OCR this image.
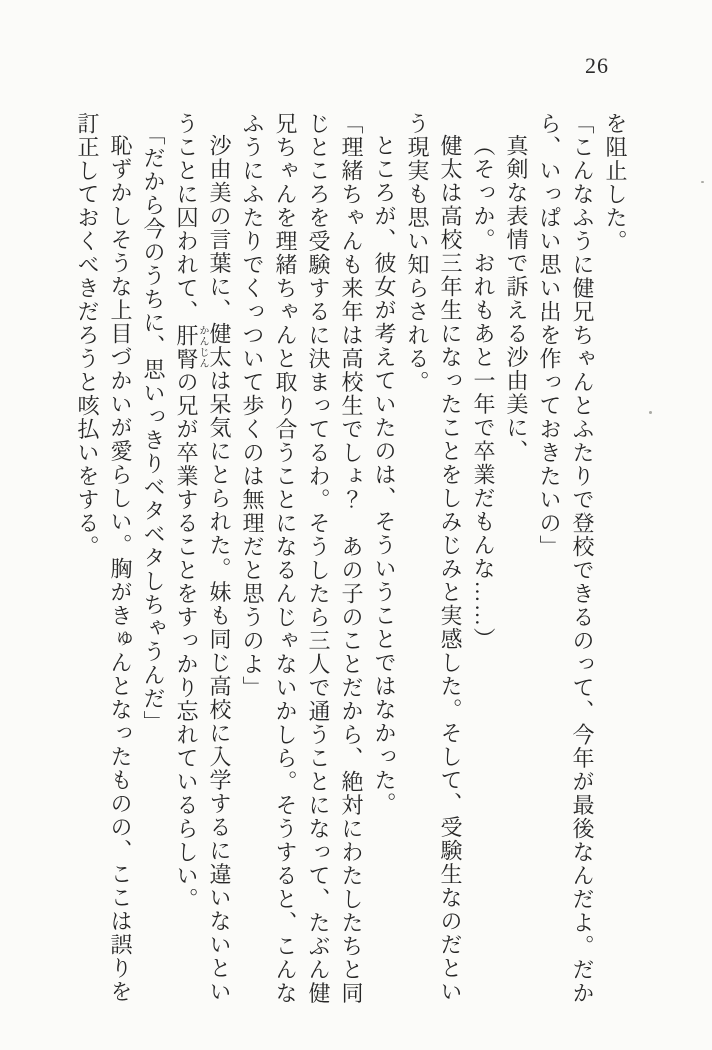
26

を阻止した。

「こんなふうに健兄ちゃんとふたりで登校できるのって、今年が最後なんだよ。だから、いっぱい思い出を作っておきたいの」

真剣な表情で訴える沙由美に、

（そっか。おれもあと一年で卒業だもんな……）

健太は高校三年生になったことをしみじみと実感した。そして、受験生なのだという現実も思い知らされる。

ところが、彼女が考えていたのは、そういうことではなかった。

「理緒ちゃんも来年は高校生でしょ？　あの子のことだから、絶対にわたしたちと同じところを受験するに決まってるわ。そうしたら三人で通うことになって、たぶん健兄ちゃんを理緒ちゃんと取り合うことになるんじゃないかしら。そうすると、こんなふうにふたりでくっついて歩くのは無理だと思うのよ」

沙由美の言葉に、健太は呆気にとられた。妹も同じ高校に入学するに違いないということに囚われて、肝腎かんじんの兄が卒業することをすっかり忘れているらしい。

「だから今のうちに、思いっきりベタベタしちゃうんだ」

恥ずかしそうな上目づかいが愛らしい。胸がきゅんとなったものの、ここは誤りを訂正しておくべきだろうと咳払いをする。
